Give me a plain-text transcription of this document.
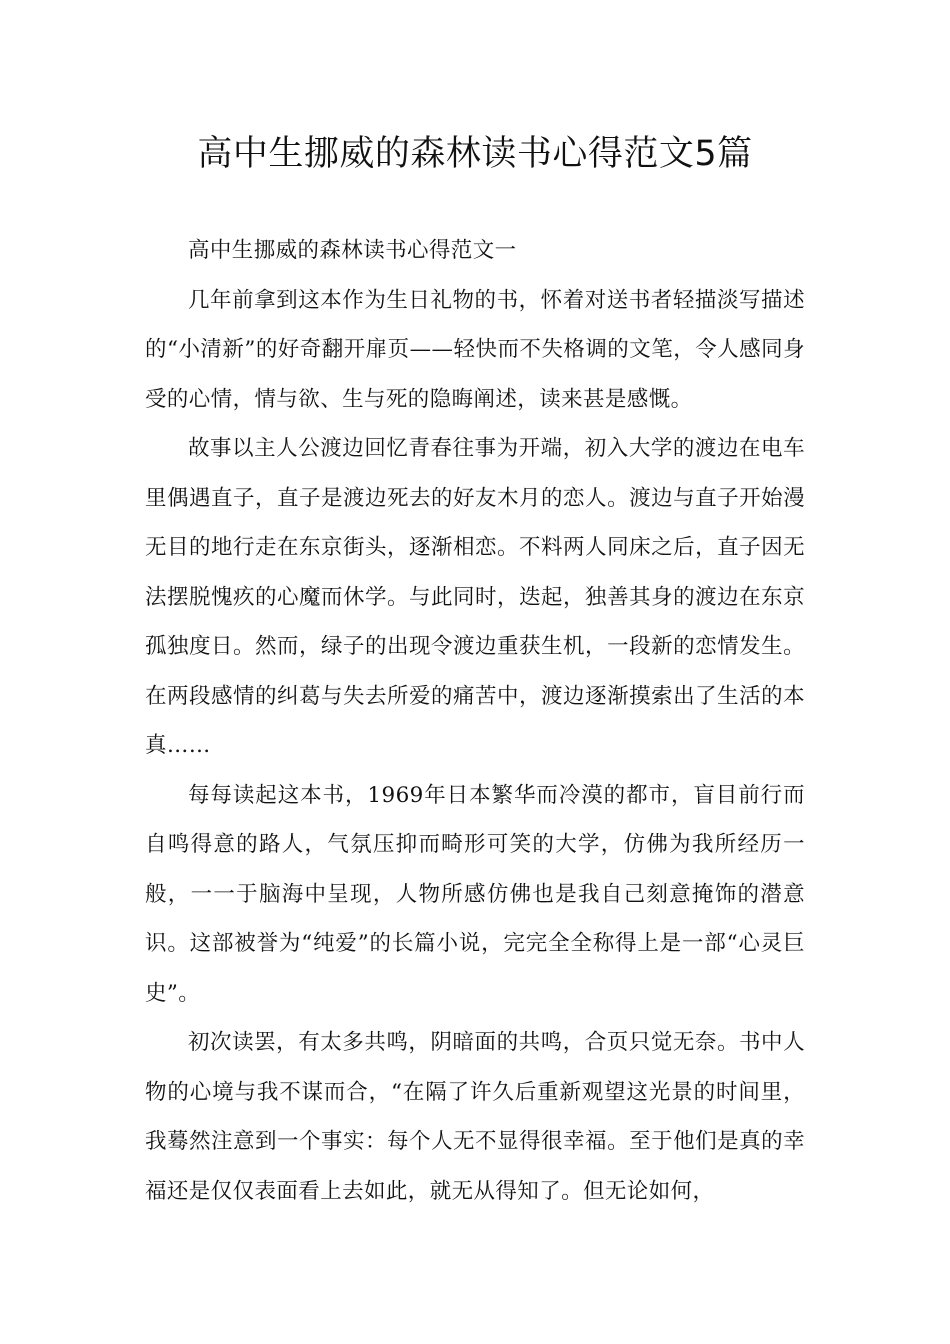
高中生挪威的森林读书心得范文5篇

高中生挪威的森林读书心得范文一

几年前拿到这本作为生日礼物的书，怀着对送书者轻描淡写描述的“小清新”的好奇翻开扉页——轻快而不失格调的文笔，令人感同身受的心情，情与欲、生与死的隐晦阐述，读来甚是感慨。

故事以主人公渡边回忆青春往事为开端，初入大学的渡边在电车里偶遇直子，直子是渡边死去的好友木月的恋人。渡边与直子开始漫无目的地行走在东京街头，逐渐相恋。不料两人同床之后，直子因无法摆脱愧疚的心魔而休学。与此同时，迭起，独善其身的渡边在东京孤独度日。然而，绿子的出现令渡边重获生机，一段新的恋情发生。在两段感情的纠葛与失去所爱的痛苦中，渡边逐渐摸索出了生活的本真……

每每读起这本书，1969年日本繁华而冷漠的都市，盲目前行而自鸣得意的路人，气氛压抑而畸形可笑的大学，仿佛为我所经历一般，一一于脑海中呈现，人物所感仿佛也是我自己刻意掩饰的潜意识。这部被誉为“纯爱”的长篇小说，完完全全称得上是一部“心灵巨史”。

初次读罢，有太多共鸣，阴暗面的共鸣，合页只觉无奈。书中人物的心境与我不谋而合，“在隔了许久后重新观望这光景的时间里，我蓦然注意到一个事实：每个人无不显得很幸福。至于他们是真的幸福还是仅仅表面看上去如此，就无从得知了。但无论如何，
